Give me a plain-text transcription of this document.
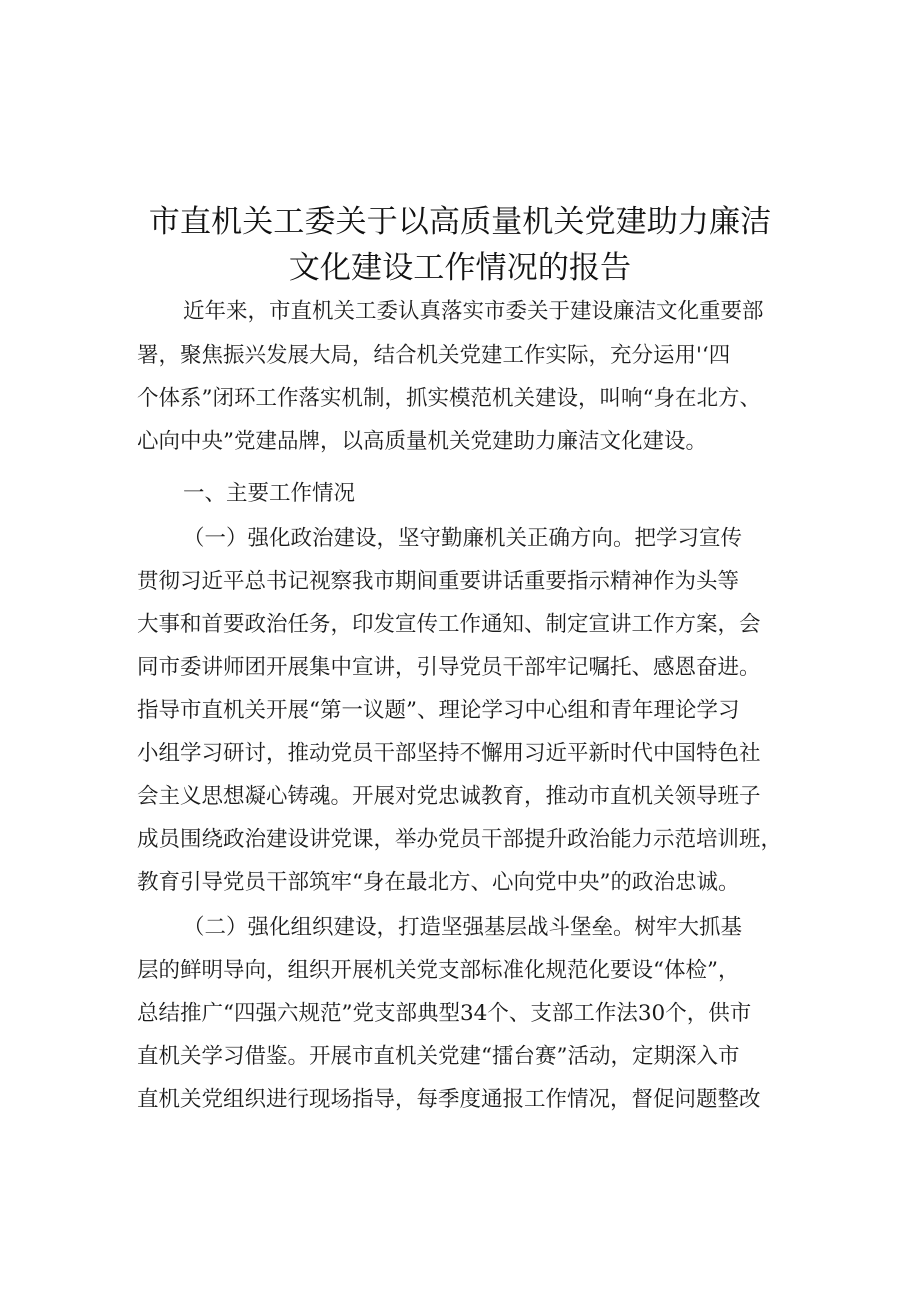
市直机关工委关于以高质量机关党建助力廉洁
文化建设工作情况的报告
近年来，市直机关工委认真落实市委关于建设廉洁文化重要部
署，聚焦振兴发展大局，结合机关党建工作实际，充分运用'‘四
个体系”闭环工作落实机制，抓实模范机关建设，叫响“身在北方、
心向中央”党建品牌，以高质量机关党建助力廉洁文化建设。
一、主要工作情况
（一）强化政治建设，坚守勤廉机关正确方向。把学习宣传
贯彻习近平总书记视察我市期间重要讲话重要指示精神作为头等
大事和首要政治任务，印发宣传工作通知、制定宣讲工作方案，会
同市委讲师团开展集中宣讲，引导党员干部牢记嘱托、感恩奋进。
指导市直机关开展“第一议题”、理论学习中心组和青年理论学习
小组学习研讨，推动党员干部坚持不懈用习近平新时代中国特色社
会主义思想凝心铸魂。开展对党忠诚教育，推动市直机关领导班子
成员围绕政治建设讲党课，举办党员干部提升政治能力示范培训班，
教育引导党员干部筑牢“身在最北方、心向党中央”的政治忠诚。
（二）强化组织建设，打造坚强基层战斗堡垒。树牢大抓基
层的鲜明导向，组织开展机关党支部标准化规范化要设“体检”，
总结推广“四强六规范”党支部典型34个、支部工作法30个，供市
直机关学习借鉴。开展市直机关党建“擂台赛”活动，定期深入市
直机关党组织进行现场指导，每季度通报工作情况，督促问题整改
